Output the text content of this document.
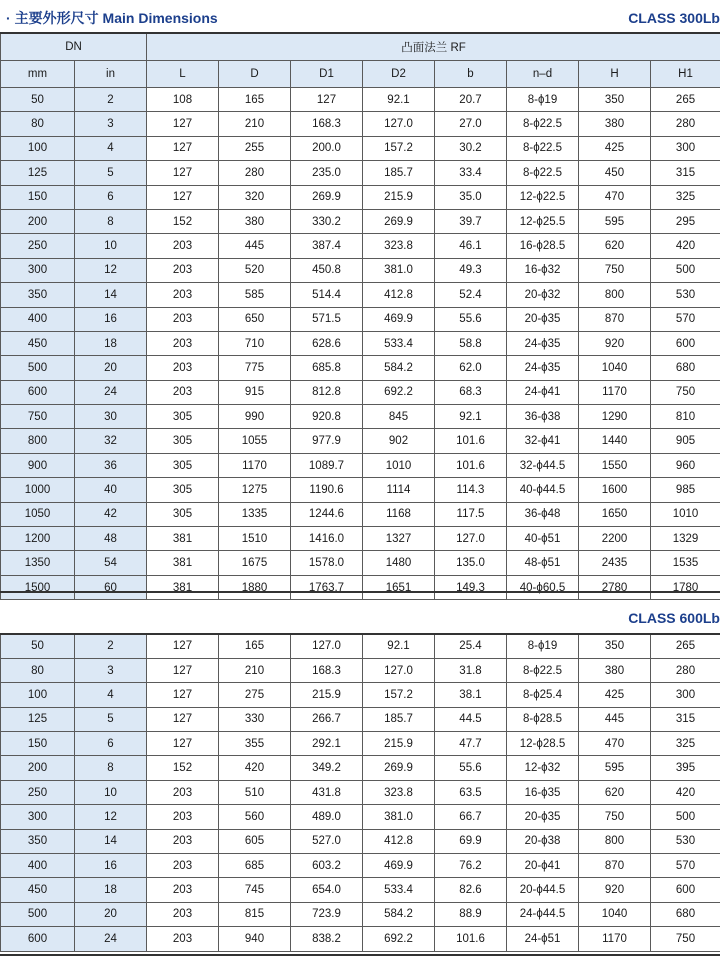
· 主要外形尺寸 Main Dimensions	CLASS 300Lb
DN		凸面法兰 RF							
mm	in	L	D	D1	D2	b	n–d	H	H1
50	2	108	165	127	92.1	20.7	8-ϕ19	350	265
80	3	127	210	168.3	127.0	27.0	8-ϕ22.5	380	280
100	4	127	255	200.0	157.2	30.2	8-ϕ22.5	425	300
125	5	127	280	235.0	185.7	33.4	8-ϕ22.5	450	315
150	6	127	320	269.9	215.9	35.0	12-ϕ22.5	470	325
200	8	152	380	330.2	269.9	39.7	12-ϕ25.5	595	295
250	10	203	445	387.4	323.8	46.1	16-ϕ28.5	620	420
300	12	203	520	450.8	381.0	49.3	16-ϕ32	750	500
350	14	203	585	514.4	412.8	52.4	20-ϕ32	800	530
400	16	203	650	571.5	469.9	55.6	20-ϕ35	870	570
450	18	203	710	628.6	533.4	58.8	24-ϕ35	920	600
500	20	203	775	685.8	584.2	62.0	24-ϕ35	1040	680
600	24	203	915	812.8	692.2	68.3	24-ϕ41	1170	750
750	30	305	990	920.8	845	92.1	36-ϕ38	1290	810
800	32	305	1055	977.9	902	101.6	32-ϕ41	1440	905
900	36	305	1170	1089.7	1010	101.6	32-ϕ44.5	1550	960
1000	40	305	1275	1190.6	1114	114.3	40-ϕ44.5	1600	985
1050	42	305	1335	1244.6	1168	117.5	36-ϕ48	1650	1010
1200	48	381	1510	1416.0	1327	127.0	40-ϕ51	2200	1329
1350	54	381	1675	1578.0	1480	135.0	48-ϕ51	2435	1535
1500	60	381	1880	1763.7	1651	149.3	40-ϕ60.5	2780	1780
CLASS 600Lb
50	2	127	165	127.0	92.1	25.4	8-ϕ19	350	265
80	3	127	210	168.3	127.0	31.8	8-ϕ22.5	380	280
100	4	127	275	215.9	157.2	38.1	8-ϕ25.4	425	300
125	5	127	330	266.7	185.7	44.5	8-ϕ28.5	445	315
150	6	127	355	292.1	215.9	47.7	12-ϕ28.5	470	325
200	8	152	420	349.2	269.9	55.6	12-ϕ32	595	395
250	10	203	510	431.8	323.8	63.5	16-ϕ35	620	420
300	12	203	560	489.0	381.0	66.7	20-ϕ35	750	500
350	14	203	605	527.0	412.8	69.9	20-ϕ38	800	530
400	16	203	685	603.2	469.9	76.2	20-ϕ41	870	570
450	18	203	745	654.0	533.4	82.6	20-ϕ44.5	920	600
500	20	203	815	723.9	584.2	88.9	24-ϕ44.5	1040	680
600	24	203	940	838.2	692.2	101.6	24-ϕ51	1170	750
